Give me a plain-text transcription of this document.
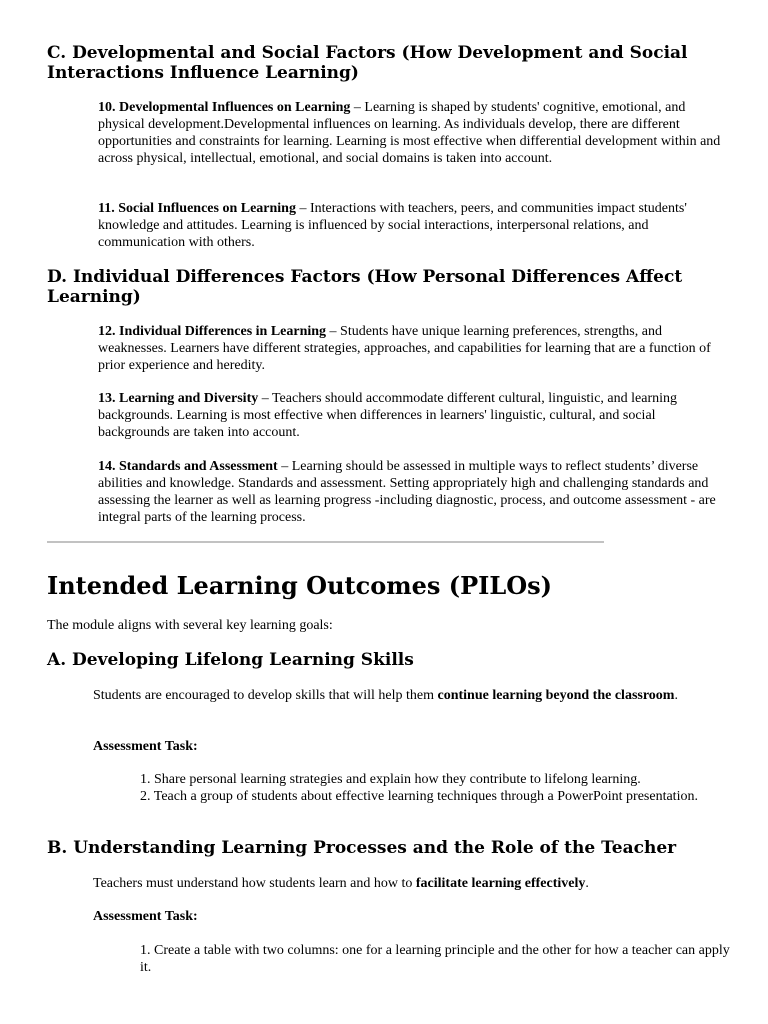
C. Developmental and Social Factors (How Development and Social
Interactions Influence Learning)

10. Developmental Influences on Learning – Learning is shaped by students' cognitive, emotional, and physical development.Developmental influences on learning. As individuals develop, there are different opportunities and constraints for learning. Learning is most effective when differential development within and across physical, intellectual, emotional, and social domains is taken into account.

11. Social Influences on Learning – Interactions with teachers, peers, and communities impact students' knowledge and attitudes. Learning is influenced by social interactions, interpersonal relations, and communication with others.

D. Individual Differences Factors (How Personal Differences Affect
Learning)

12. Individual Differences in Learning – Students have unique learning preferences, strengths, and weaknesses. Learners have different strategies, approaches, and capabilities for learning that are a function of prior experience and heredity.

13. Learning and Diversity – Teachers should accommodate different cultural, linguistic, and learning backgrounds. Learning is most effective when differences in learners' linguistic, cultural, and social backgrounds are taken into account.

14. Standards and Assessment – Learning should be assessed in multiple ways to reflect students’ diverse abilities and knowledge. Standards and assessment. Setting appropriately high and challenging standards and assessing the learner as well as learning progress -including diagnostic, process, and outcome assessment - are integral parts of the learning process.

Intended Learning Outcomes (PILOs)

The module aligns with several key learning goals:

A. Developing Lifelong Learning Skills

Students are encouraged to develop skills that will help them continue learning beyond the classroom.

Assessment Task:

1. Share personal learning strategies and explain how they contribute to lifelong learning.
2. Teach a group of students about effective learning techniques through a PowerPoint presentation.

B. Understanding Learning Processes and the Role of the Teacher

Teachers must understand how students learn and how to facilitate learning effectively.

Assessment Task:

1. Create a table with two columns: one for a learning principle and the other for how a teacher can apply it.
